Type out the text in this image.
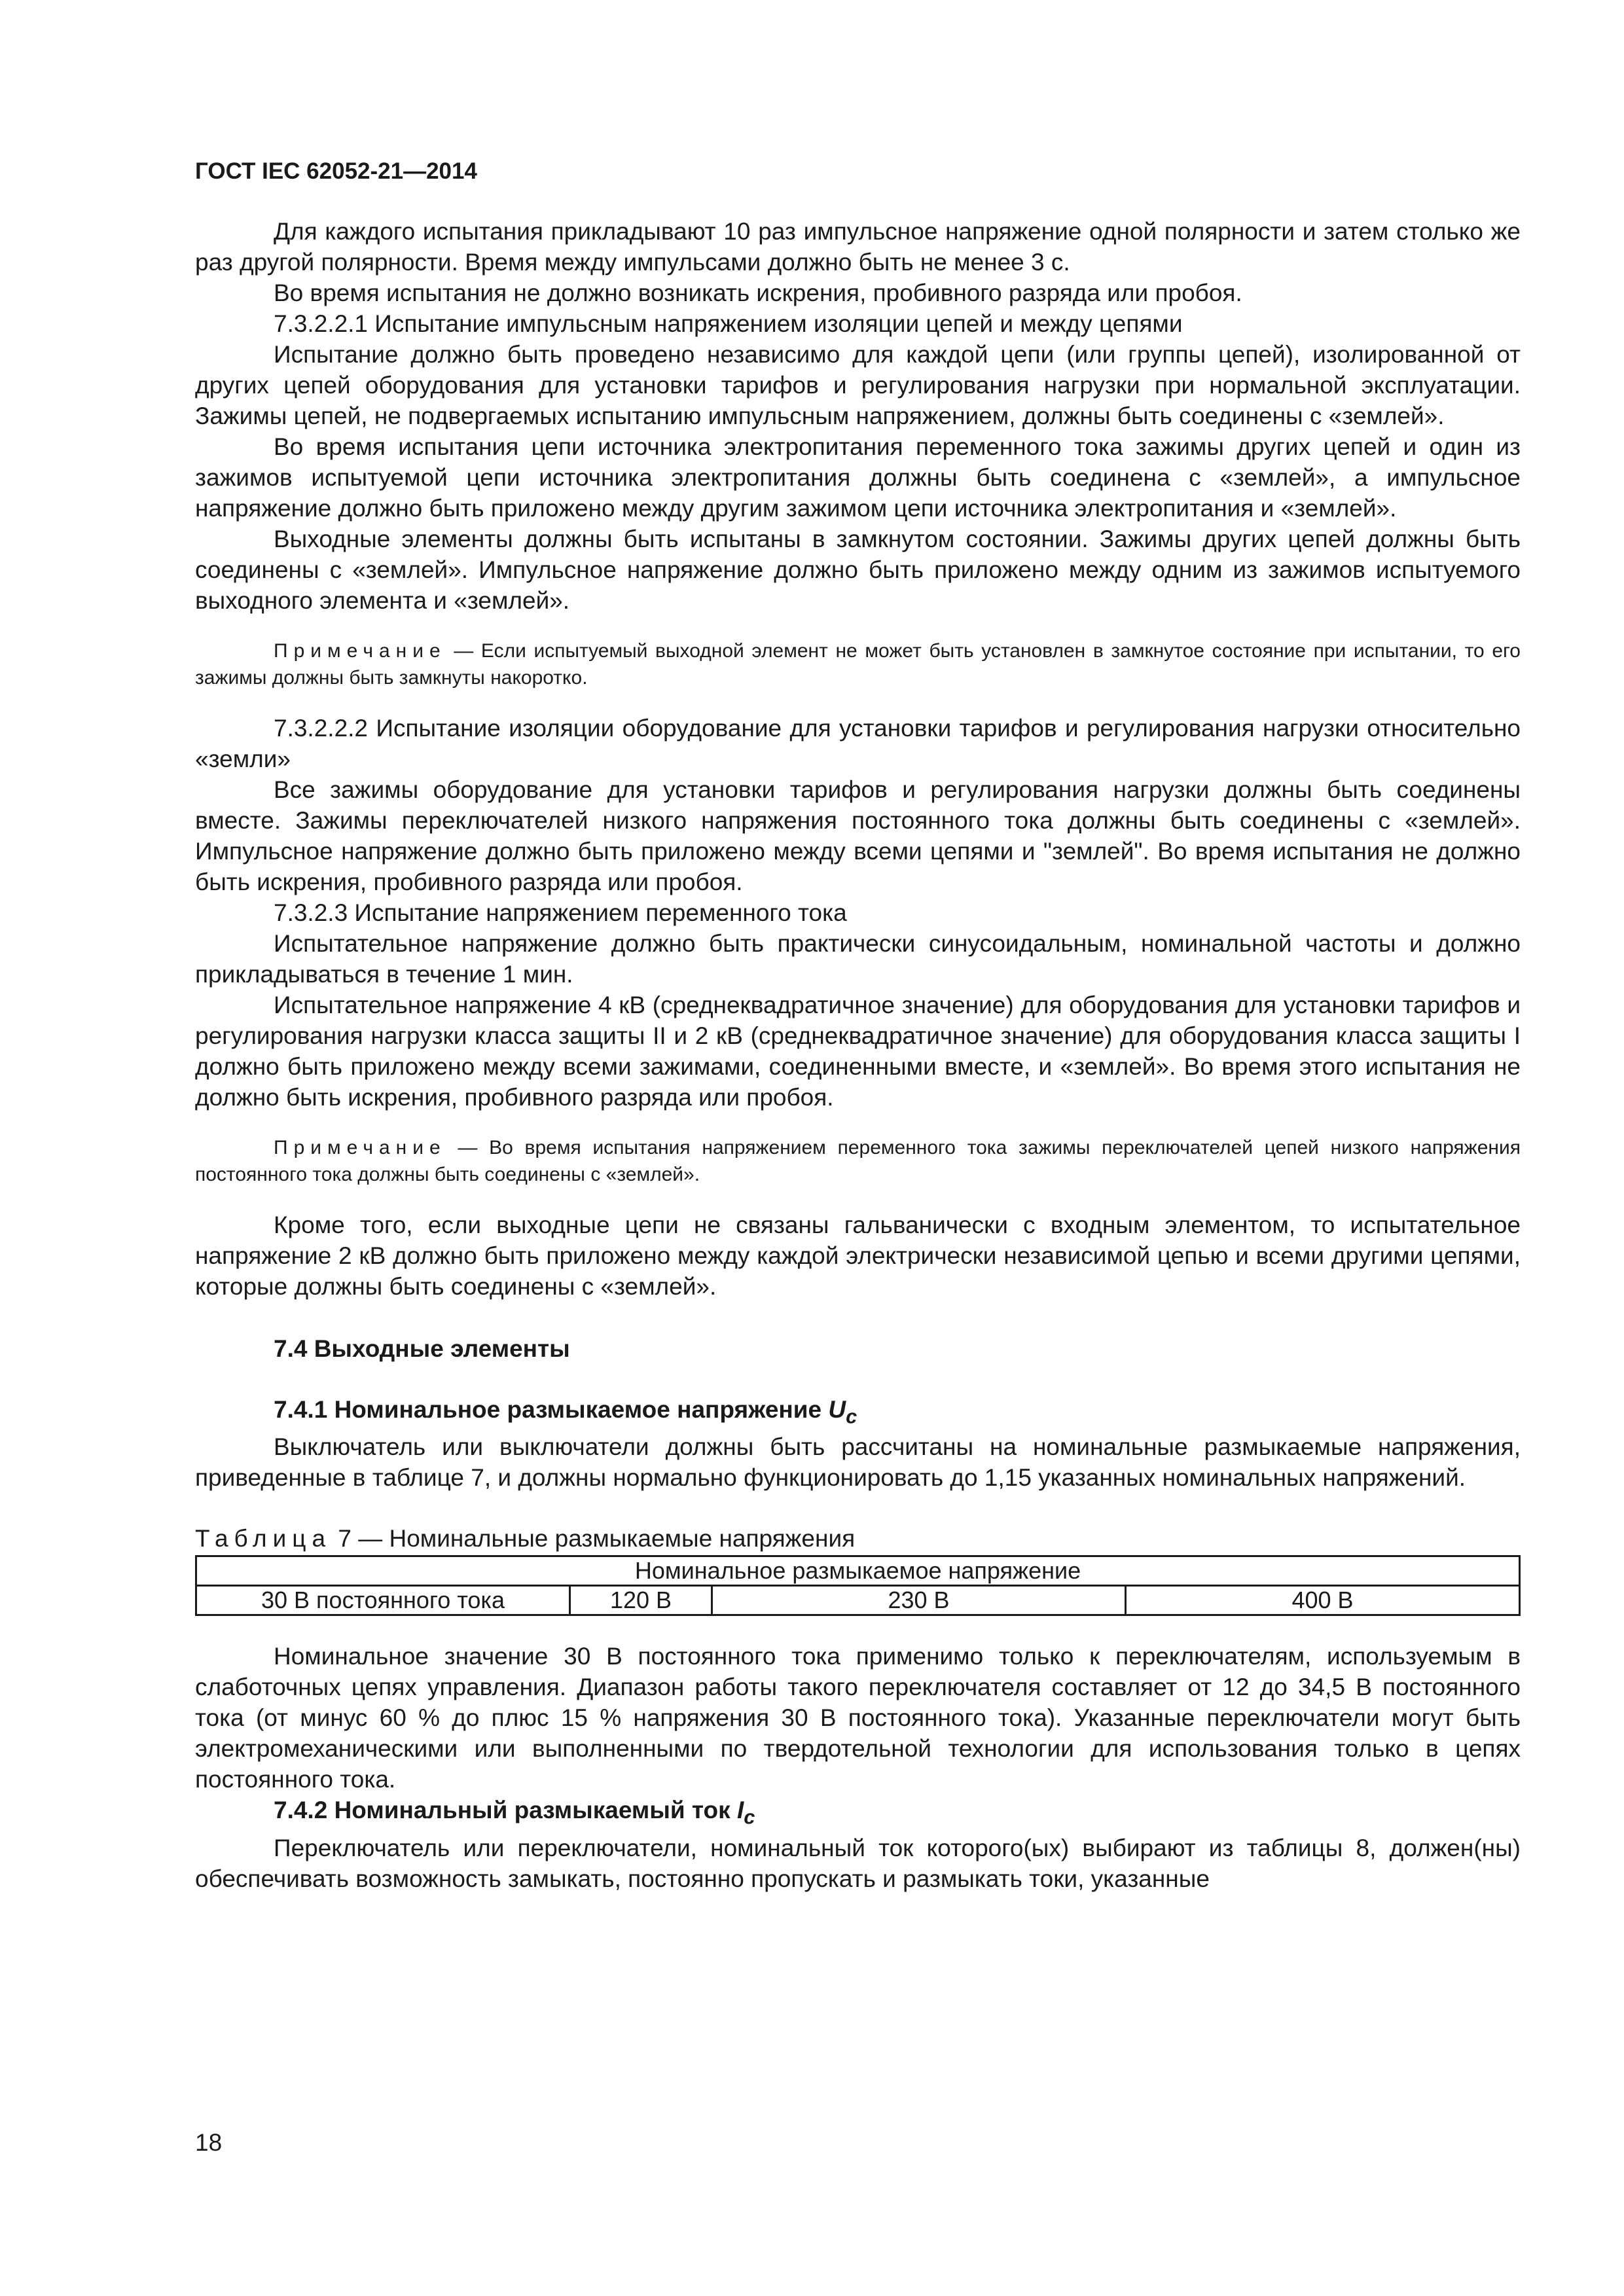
ГОСТ IEC 62052-21—2014

Для каждого испытания прикладывают 10 раз импульсное напряжение одной полярности и затем столько же раз другой полярности. Время между импульсами должно быть не менее 3 с.

Во время испытания не должно возникать искрения, пробивного разряда или пробоя.

7.3.2.2.1 Испытание импульсным напряжением изоляции цепей и между цепями

Испытание должно быть проведено независимо для каждой цепи (или группы цепей), изолированной от других цепей оборудования для установки тарифов и регулирования нагрузки при нормальной эксплуатации. Зажимы цепей, не подвергаемых испытанию импульсным напряжением, должны быть соединены с «землей».

Во время испытания цепи источника электропитания переменного тока зажимы других цепей и один из зажимов испытуемой цепи источника электропитания должны быть соединена с «землей», а импульсное напряжение должно быть приложено между другим зажимом цепи источника электропитания и «землей».

Выходные элементы должны быть испытаны в замкнутом состоянии. Зажимы других цепей должны быть соединены с «землей». Импульсное напряжение должно быть приложено между одним из зажимов испытуемого выходного элемента и «землей».

Примечание — Если испытуемый выходной элемент не может быть установлен в замкнутое состояние при испытании, то его зажимы должны быть замкнуты накоротко.

7.3.2.2.2 Испытание изоляции оборудование для установки тарифов и регулирования нагрузки относительно «земли»

Все зажимы оборудование для установки тарифов и регулирования нагрузки должны быть соединены вместе. Зажимы переключателей низкого напряжения постоянного тока должны быть соединены с «землей». Импульсное напряжение должно быть приложено между всеми цепями и "землей". Во время испытания не должно быть искрения, пробивного разряда или пробоя.

7.3.2.3 Испытание напряжением переменного тока

Испытательное напряжение должно быть практически синусоидальным, номинальной частоты и должно прикладываться в течение 1 мин.

Испытательное напряжение 4 кВ (среднеквадратичное значение) для оборудования для установки тарифов и регулирования нагрузки класса защиты II и 2 кВ (среднеквадратичное значение) для оборудования класса защиты I должно быть приложено между всеми зажимами, соединенными вместе, и «землей». Во время этого испытания не должно быть искрения, пробивного разряда или пробоя.

Примечание — Во время испытания напряжением переменного тока зажимы переключателей цепей низкого напряжения постоянного тока должны быть соединены с «землей».

Кроме того, если выходные цепи не связаны гальванически с входным элементом, то испытательное напряжение 2 кВ должно быть приложено между каждой электрически независимой цепью и всеми другими цепями, которые должны быть соединены с «землей».

7.4 Выходные элементы

7.4.1 Номинальное размыкаемое напряжение $U_c$

Выключатель или выключатели должны быть рассчитаны на номинальные размыкаемые напряжения, приведенные в таблице 7, и должны нормально функционировать до 1,15 указанных номинальных напряжений.

Таблица 7 — Номинальные размыкаемые напряжения

Номинальное размыкаемое напряжение
30 В постоянного тока	120 В	230 В	400 В

Номинальное значение 30 В постоянного тока применимо только к переключателям, используемым в слаботочных цепях управления. Диапазон работы такого переключателя составляет от 12 до 34,5 В постоянного тока (от минус 60 % до плюс 15 % напряжения 30 В постоянного тока). Указанные переключатели могут быть электромеханическими или выполненными по твердотельной технологии для использования только в цепях постоянного тока.

7.4.2 Номинальный размыкаемый ток $I_c$

Переключатель или переключатели, номинальный ток которого(ых) выбирают из таблицы 8, должен(ны) обеспечивать возможность замыкать, постоянно пропускать и размыкать токи, указанные

18
